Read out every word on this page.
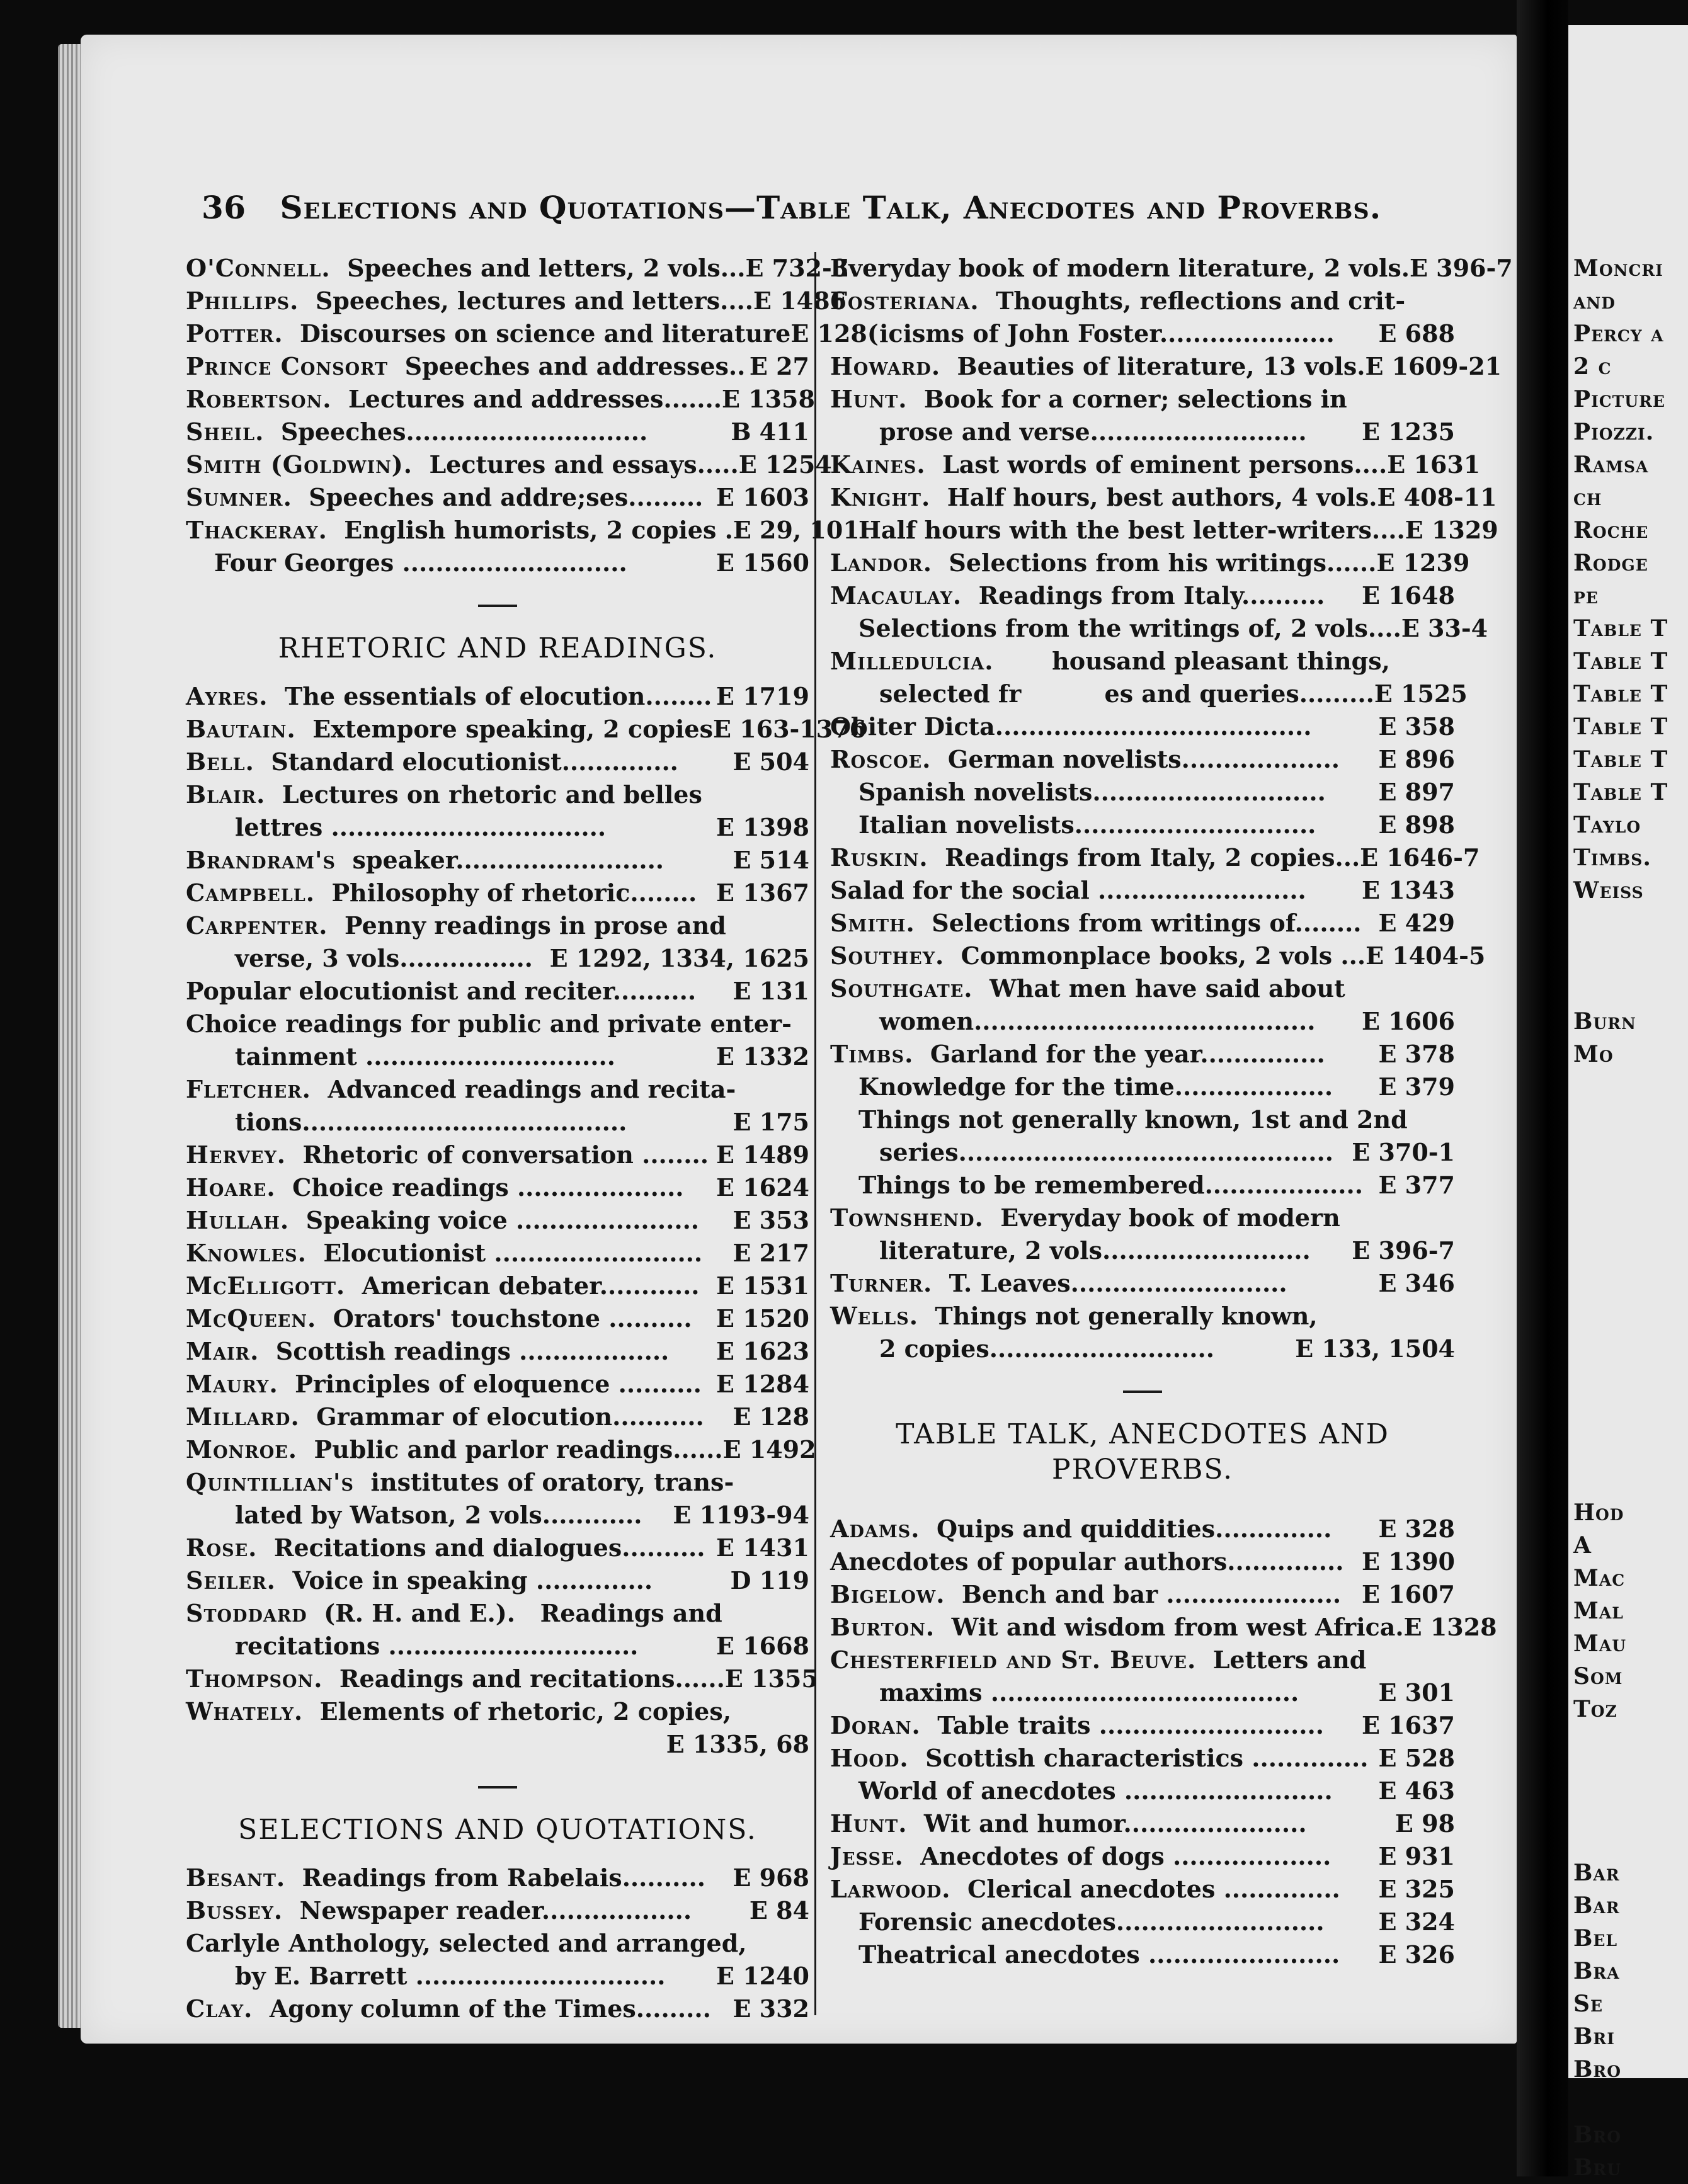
Moncri
and
Percy a
2 c
Picture
Piozzi.
Ramsa
ch
Roche
Rodge
pe
Table T
Table T
Table T
Table T
Table T
Table T
Taylo
Timbs.
Weiss
Burn
Mo
Hod
A
Mac
Mal
Mau
Som
Toz
Bar
Bar
Bel
Bra
Se
Bri
Bro
Bro
Bru
36 Selections and Quotations—Table Talk, Anecdotes and Proverbs.
O'Connell. Speeches and letters, 2 vols... E 732-3
Phillips. Speeches, lectures and letters.... E 1486
Potter. Discourses on science and literature E 128(
Prince Consort Speeches and addresses.. E 27
Robertson. Lectures and addresses....... E 1358
Sheil. Speeches.............................	B 411
Smith (Goldwin). Lectures and essays..... E 1254
Sumner. Speeches and addre;ses......... E 1603
Thackeray. English humorists, 2 copies . E 29, 101
Four Georges ...........................	E 1560
RHETORIC AND READINGS.
Ayres. The essentials of elocution........ E 1719
Bautain. Extempore speaking, 2 copies E 163-1376
Bell. Standard elocutionist.............. E 504
Blair. Lectures on rhetoric and belles
lettres .................................	E 1398
Brandram's speaker.........................	E 514
Campbell. Philosophy of rhetoric........ E 1367
Carpenter. Penny readings in prose and
verse, 3 vols................ E 1292, 1334, 1625
Popular elocutionist and reciter.......... E 131
Choice readings for public and private enter-
tainment ..............................	E 1332
Fletcher. Advanced readings and recita-
tions.......................................	E 175
Hervey. Rhetoric of conversation ........ E 1489
Hoare. Choice readings .................... E 1624
Hullah. Speaking voice ...................... E 353
Knowles. Elocutionist ......................... E 217
McElligott. American debater............ E 1531
McQueen. Orators' touchstone .......... E 1520
Mair. Scottish readings .................. E 1623
Maury. Principles of eloquence .......... E 1284
Millard. Grammar of elocution........... E 128
Monroe. Public and parlor readings...... E 1492
Quintillian's institutes of oratory, trans-
lated by Watson, 2 vols............ E 1193-94
Rose. Recitations and dialogues.......... E 1431
Seiler. Voice in speaking ..............	D 119
Stoddard (R. H. and E.).   Readings and
recitations ..............................	E 1668
Thompson. Readings and recitations...... E 1355
Whately. Elements of rhetoric, 2 copies,
E 1335, 68
SELECTIONS AND QUOTATIONS.
Besant. Readings from Rabelais.......... E 968
Bussey. Newspaper reader.................. E 84
Carlyle Anthology, selected and arranged,
by E. Barrett .............................. E 1240
Clay. Agony column of the Times......... E 332
Everyday book of modern literature, 2 vols. E 396-7
Fosteriana. Thoughts, reflections and crit-
icisms of John Foster..................... E 688
Howard. Beauties of literature, 13 vols. E 1609-21
Hunt. Book for a corner; selections in
prose and verse.......................... E 1235
Kaines. Last words of eminent persons.... E 1631
Knight. Half hours, best authors, 4 vols. E 408-11
Half hours with the best letter-writers.... E 1329
Landor. Selections from his writings...... E 1239
Macaulay. Readings from Italy.......... E 1648
Selections from the writings of, 2 vols.... E 33-4
Milledulcia.       housand pleasant things,
selected fr          es and queries......... E 1525
Obiter Dicta......................................	E 358
Roscoe. German novelists................... E 896
Spanish novelists............................ E 897
Italian novelists.............................	E 898
Ruskin. Readings from Italy, 2 copies... E 1646-7
Salad for the social ......................... E 1343
Smith. Selections from writings of........ E 429
Southey. Commonplace books, 2 vols ... E 1404-5
Southgate. What men have said about
women......................................... E 1606
Timbs. Garland for the year............... E 378
Knowledge for the time................... E 379
Things not generally known, 1st and 2nd
series............................................. E 370-1
Things to be remembered................... E 377
Townshend. Everyday book of modern
literature, 2 vols......................... E 396-7
Turner. T. Leaves..........................	E 346
Wells. Things not generally known,
2 copies...........................	E 133, 1504
TABLE TALK, ANECDOTES AND
PROVERBS.
Adams. Quips and quiddities.............. E 328
Anecdotes of popular authors.............. E 1390
Bigelow. Bench and bar ..................... E 1607
Burton. Wit and wisdom from west Africa. E 1328
Chesterfield and St. Beuve. Letters and
maxims .....................................	E 301
Doran. Table traits ........................... E 1637
Hood. Scottish characteristics .............. E 528
World of anecdotes ......................... E 463
Hunt. Wit and humor......................	E 98
Jesse. Anecdotes of dogs ................... E 931
Larwood. Clerical anecdotes .............. E 325
Forensic anecdotes......................... E 324
Theatrical anecdotes ....................... E 326
